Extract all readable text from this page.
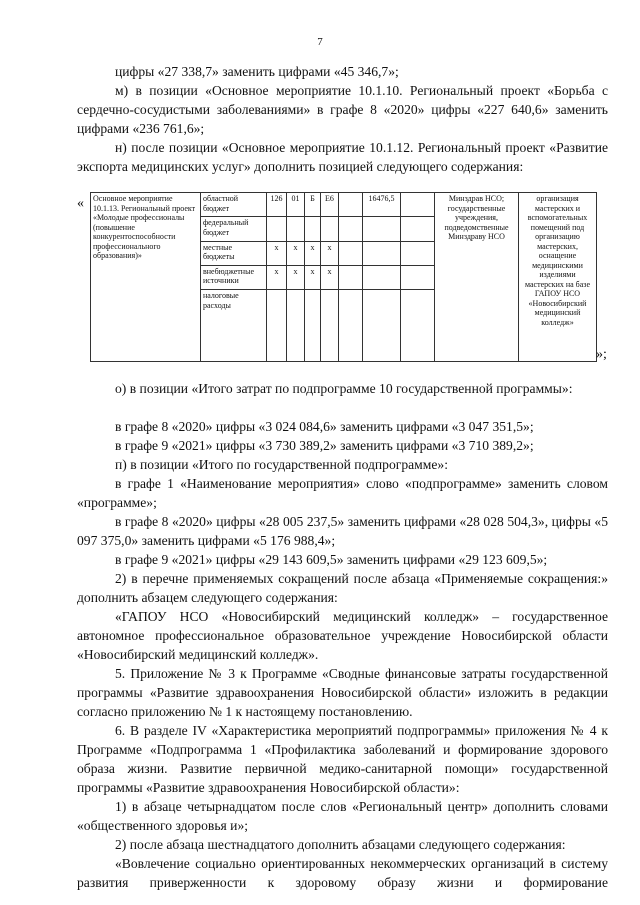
7

цифры «27 338,7» заменить цифрами «45 346,7»;

м) в позиции «Основное мероприятие 10.1.10. Региональный проект «Борьба с сердечно-сосудистыми заболеваниями» в графе 8 «2020» цифры «227 640,6» заменить цифрами «236 761,6»;

н) после позиции «Основное мероприятие 10.1.12. Региональный проект «Развитие экспорта медицинских услуг» дополнить позицией следующего содержания:

« Основное мероприятие 10.1.13. Региональный проект «Молодые профессионалы (повышение конкурентоспособности профессионального образования)»	областной бюджет	126	01	Б	Е6		16476,5		Минздрав НСО; государственные учреждения, подведомственные Минздраву НСО	организация мастерских и вспомогательных помещений под организацию мастерских, оснащение медицинскими изделиями мастерских на базе ГАПОУ НСО «Новосибирский медицинский колледж»
	федеральный бюджет									
	местные бюджеты	x	x	x	x					
	внебюджетные источники	x	x	x	x					
	налоговые расходы									
»;

о) в позиции «Итого затрат по подпрограмме 10 государственной программы»:

в графе 8 «2020» цифры «3 024 084,6» заменить цифрами «3 047 351,5»;

в графе 9 «2021» цифры «3 730 389,2» заменить цифрами «3 710 389,2»;

п) в позиции «Итого по государственной подпрограмме»:

в графе 1 «Наименование мероприятия» слово «подпрограмме» заменить словом «программе»;

в графе 8 «2020» цифры «28 005 237,5» заменить цифрами «28 028 504,3», цифры «5 097 375,0» заменить цифрами «5 176 988,4»;

в графе 9 «2021» цифры «29 143 609,5» заменить цифрами «29 123 609,5»;

2) в перечне применяемых сокращений после абзаца «Применяемые сокращения:» дополнить абзацем следующего содержания:

«ГАПОУ НСО «Новосибирский медицинский колледж» – государственное автономное профессиональное образовательное учреждение Новосибирской области «Новосибирский медицинский колледж».

5. Приложение № 3 к Программе «Сводные финансовые затраты государственной программы «Развитие здравоохранения Новосибирской области» изложить в редакции согласно приложению № 1 к настоящему постановлению.

6. В разделе IV «Характеристика мероприятий подпрограммы» приложения № 4 к Программе «Подпрограмма 1 «Профилактика заболеваний и формирование здорового образа жизни. Развитие первичной медико-санитарной помощи» государственной программы «Развитие здравоохранения Новосибирской области»:

1) в абзаце четырнадцатом после слов «Региональный центр» дополнить словами «общественного здоровья и»;

2) после абзаца шестнадцатого дополнить абзацами следующего содержания:

«Вовлечение социально ориентированных некоммерческих организаций в систему развития приверженности к здоровому образу жизни и формирование
